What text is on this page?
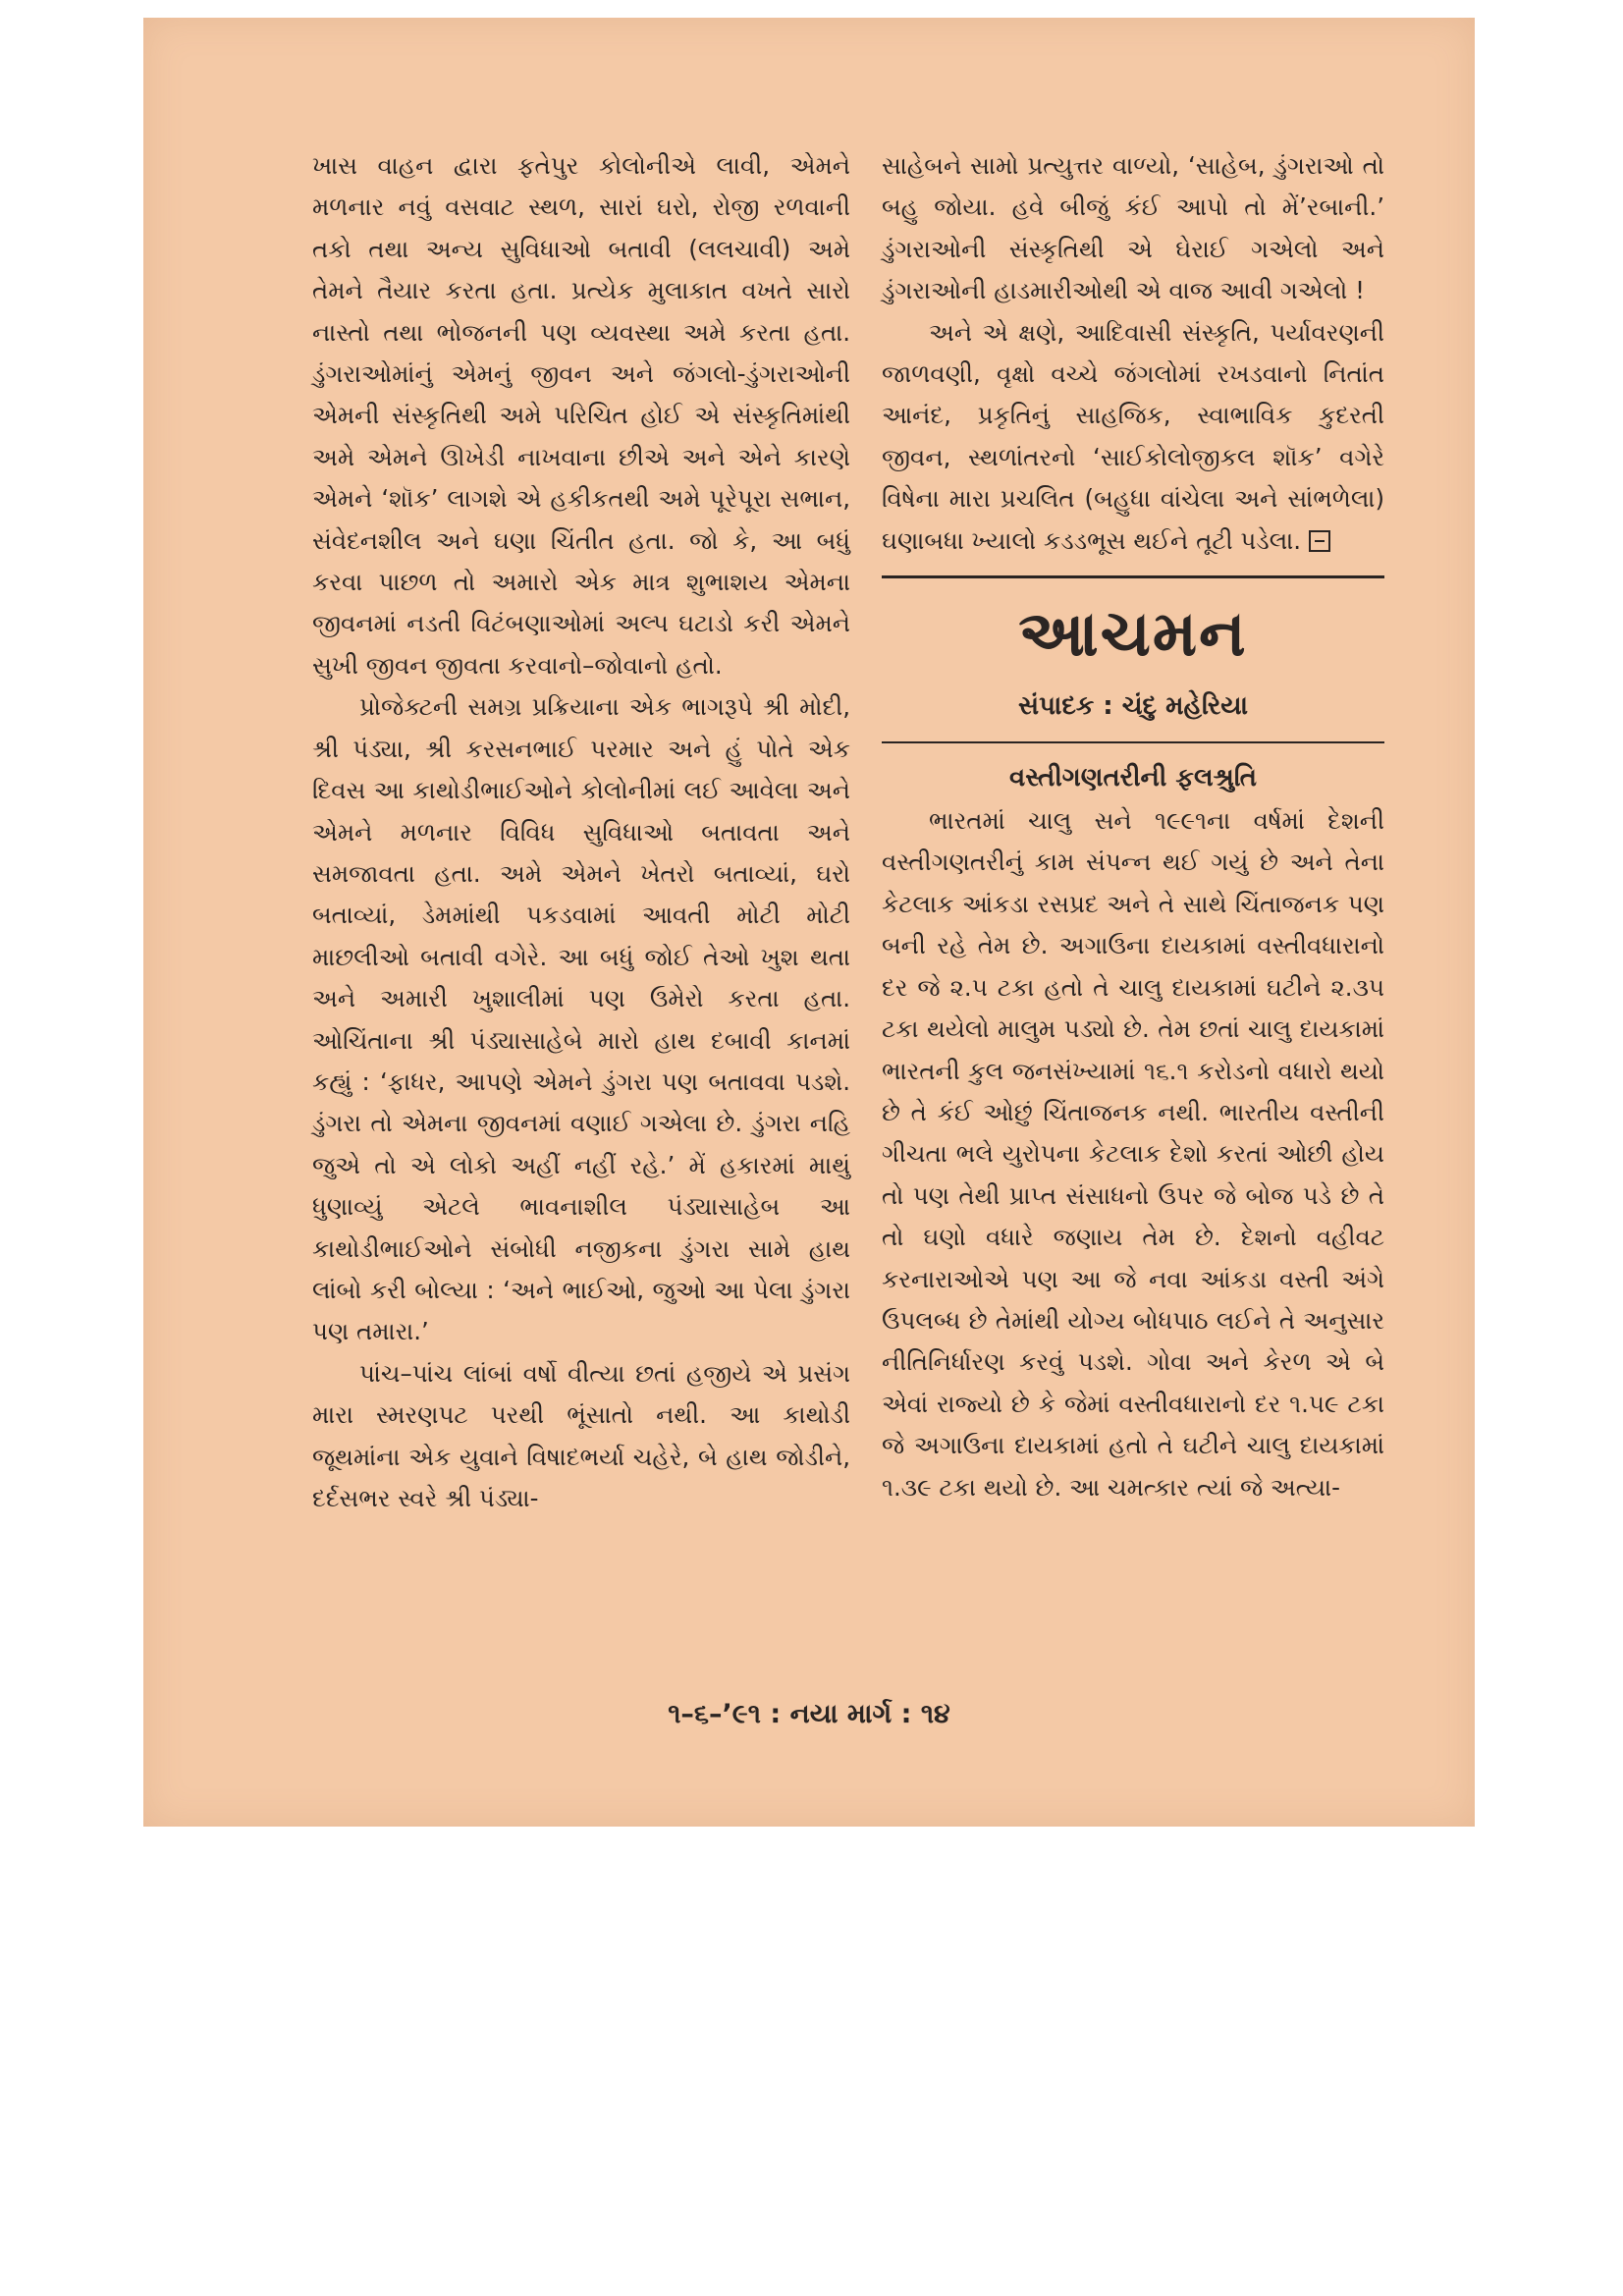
ખાસ વાહન દ્વારા ફતેપુર કોલોનીએ લાવી, એમને મળનાર નવું વસવાટ સ્થળ, સારાં ઘરો, રોજી રળવાની તકો તથા અન્ય સુવિધાઓ બતાવી (લલચાવી) અમે તેમને તૈયાર કરતા હતા. પ્રત્યેક મુલાકાત વખતે સારો નાસ્તો તથા ભોજનની પણ વ્યવસ્થા અમે કરતા હતા. ડુંગરાઓમાંનું એમનું જીવન અને જંગલો-ડુંગરાઓની એમની સંસ્કૃતિથી અમે પરિચિત હોઈ એ સંસ્કૃતિમાંથી અમે એમને ઊખેડી નાખવાના છીએ અને એને કારણે એમને ‘શૉક’ લાગશે એ હકીકતથી અમે પૂરેપૂરા સભાન, સંવેદનશીલ અને ઘણા ચિંતીત હતા. જો કે, આ બધું કરવા પાછળ તો અમારો એક માત્ર શુભાશય એમના જીવનમાં નડતી વિટંબણાઓમાં અલ્પ ઘટાડો કરી એમને સુખી જીવન જીવતા કરવાનો–જોવાનો હતો.

પ્રોજેક્ટની સમગ્ર પ્રક્રિયાના એક ભાગરૂપે શ્રી મોદી, શ્રી પંડ્યા, શ્રી કરસનભાઈ પરમાર અને હું પોતે એક દિવસ આ કાથોડીભાઈઓને કોલોનીમાં લઈ આવેલા અને એમને મળનાર વિવિધ સુવિધાઓ બતાવતા અને સમજાવતા હતા. અમે એમને ખેતરો બતાવ્યાં, ઘરો બતાવ્યાં, ડેમમાંથી પકડવામાં આવતી મોટી મોટી માછલીઓ બતાવી વગેરે. આ બધું જોઈ તેઓ ખુશ થતા અને અમારી ખુશાલીમાં પણ ઉમેરો કરતા હતા. ઓચિંતાના શ્રી પંડ્યાસાહેબે મારો હાથ દબાવી કાનમાં કહ્યું : ‘ફાધર, આપણે એમને ડુંગરા પણ બતાવવા પડશે. ડુંગરા તો એમના જીવનમાં વણાઈ ગએલા છે. ડુંગરા નહિ જુએ તો એ લોકો અહીં નહીં રહે.’ મેં હકારમાં માથું ધુણાવ્યું એટલે ભાવનાશીલ પંડ્યાસાહેબ આ કાથોડીભાઈઓને સંબોધી નજીકના ડુંગરા સામે હાથ લાંબો કરી બોલ્યા : ‘અને ભાઈઓ, જુઓ આ પેલા ડુંગરા પણ તમારા.’

પાંચ–પાંચ લાંબાં વર્ષો વીત્યા છતાં હજીયે એ પ્રસંગ મારા સ્મરણપટ પરથી ભૂંસાતો નથી. આ કાથોડી જૂથમાંના એક યુવાને વિષાદભર્યા ચહેરે, બે હાથ જોડીને, દર્દસભર સ્વરે શ્રી પંડ્યા-

સાહેબને સામો પ્રત્યુત્તર વાળ્યો, ‘સાહેબ, ડુંગરાઓ તો બહુ જોયા. હવે બીજું કંઈ આપો તો મેં’રબાની.’ ડુંગરાઓની સંસ્કૃતિથી એ ઘેરાઈ ગએલો અને ડુંગરાઓની હાડમારીઓથી એ વાજ આવી ગએલો !

અને એ ક્ષણે, આદિવાસી સંસ્કૃતિ, પર્યાવરણની જાળવણી, વૃક્ષો વચ્ચે જંગલોમાં રખડવાનો નિતાંત આનંદ, પ્રકૃતિનું સાહજિક, સ્વાભાવિક કુદરતી જીવન, સ્થળાંતરનો ‘સાઈકોલોજીકલ શૉક’ વગેરે વિષેના મારા પ્રચલિત (બહુધા વાંચેલા અને સાંભળેલા) ઘણાબધા ખ્યાલો કડડભૂસ થઈને તૂટી પડેલા.

આચમન
સંપાદક : ચંદુ મહેરિયા
વસ્તીગણતરીની ફલશ્રુતિ

ભારતમાં ચાલુ સને ૧૯૯૧ના વર્ષમાં દેશની વસ્તીગણતરીનું કામ સંપન્ન થઈ ગયું છે અને તેના કેટલાક આંકડા રસપ્રદ અને તે સાથે ચિંતાજનક પણ બની રહે તેમ છે. અગાઉના દાયકામાં વસ્તીવધારાનો દર જે ૨.૫ ટકા હતો તે ચાલુ દાયકામાં ઘટીને ૨.૩૫ ટકા થયેલો માલુમ પડ્યો છે. તેમ છતાં ચાલુ દાયકામાં ભારતની કુલ જનસંખ્યામાં ૧૬.૧ કરોડનો વધારો થયો છે તે કંઈ ઓછું ચિંતાજનક નથી. ભારતીય વસ્તીની ગીચતા ભલે યુરોપના કેટલાક દેશો કરતાં ઓછી હોય તો પણ તેથી પ્રાપ્ત સંસાધનો ઉપર જે બોજ પડે છે તે તો ઘણો વધારે જણાય તેમ છે. દેશનો વહીવટ કરનારાઓએ પણ આ જે નવા આંકડા વસ્તી અંગે ઉપલબ્ધ છે તેમાંથી યોગ્ય બોધપાઠ લઈને તે અનુસાર નીતિનિર્ધારણ કરવું પડશે. ગોવા અને કેરળ એ બે એવાં રાજ્યો છે કે જેમાં વસ્તીવધારાનો દર ૧.૫૯ ટકા જે અગાઉના દાયકામાં હતો તે ઘટીને ચાલુ દાયકામાં ૧.૩૯ ટકા થયો છે. આ ચમત્કાર ત્યાં જે અત્યા-

૧–૬–’૯૧ : નયા માર્ગ : ૧૪
